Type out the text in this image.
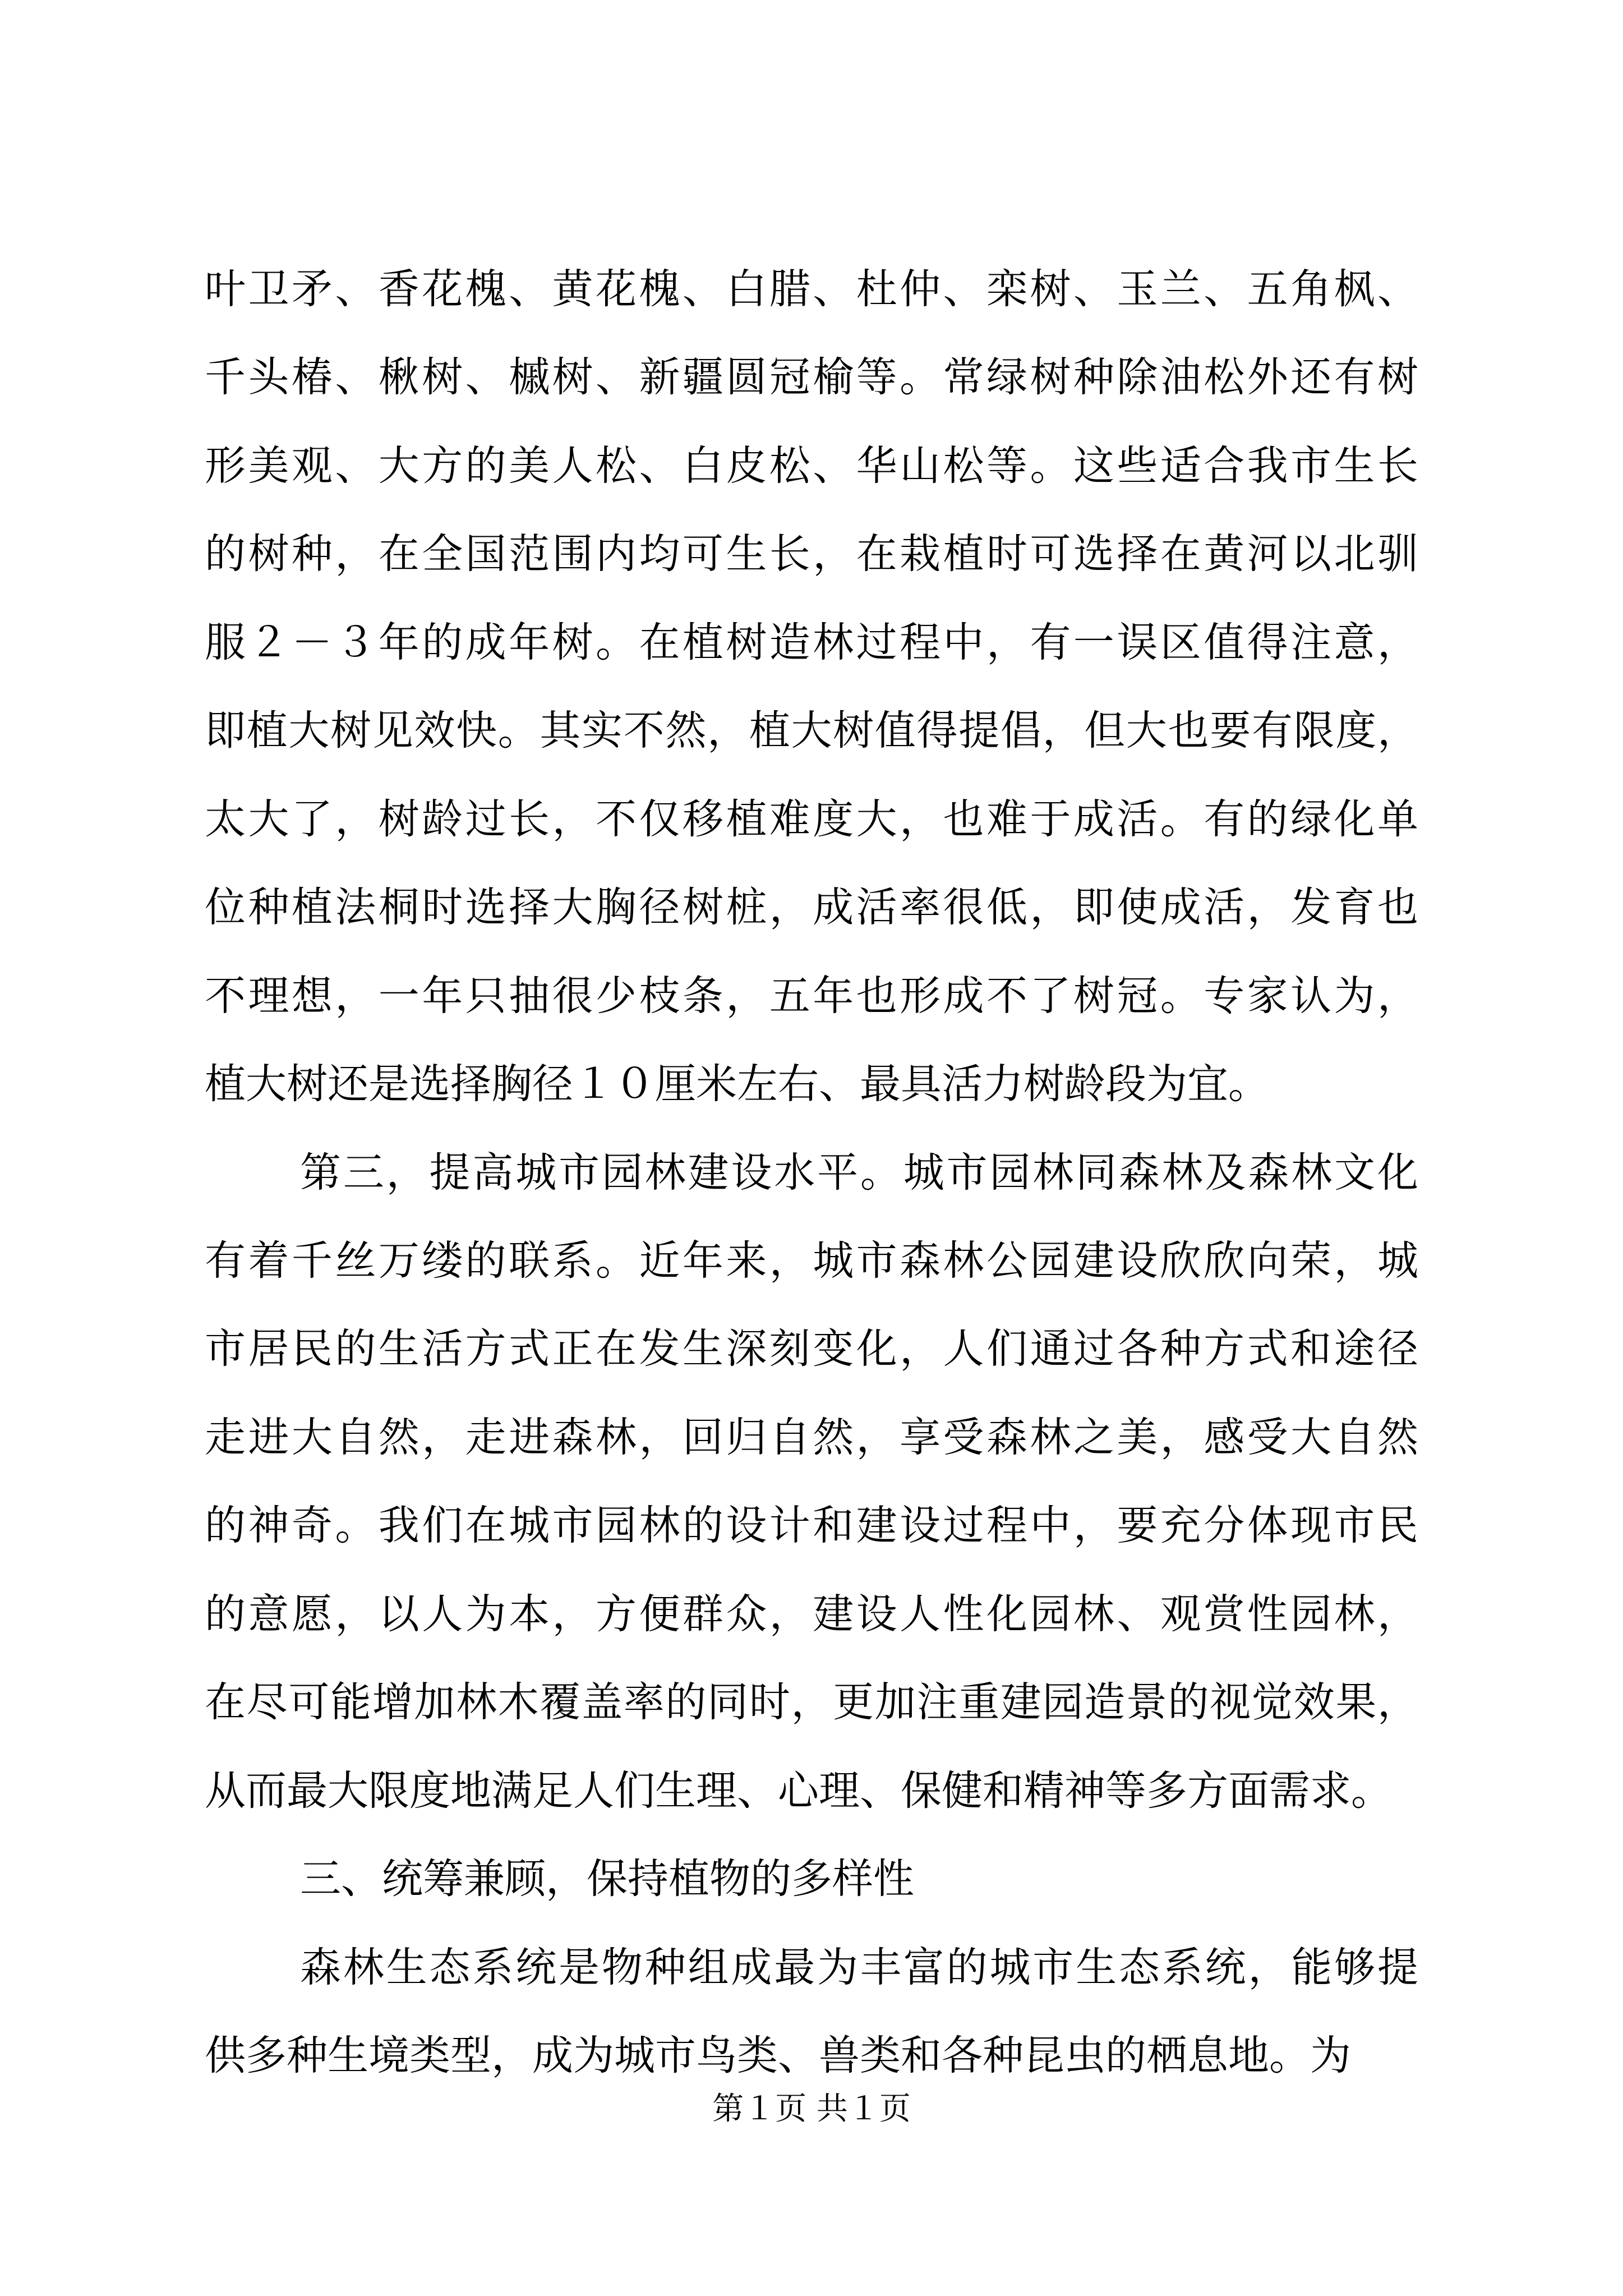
第１页 共１页
叶卫矛、香花槐、黄花槐、白腊、杜仲、栾树、玉兰、五角枫、
千头椿、楸树、槭树、新疆圆冠榆等。常绿树种除油松外还有树
形美观、大方的美人松、白皮松、华山松等。这些适合我市生长
的树种，在全国范围内均可生长，在栽植时可选择在黄河以北驯
服２－３年的成年树。在植树造林过程中，有一误区值得注意，
即植大树见效快。其实不然，植大树值得提倡，但大也要有限度，
太大了，树龄过长，不仅移植难度大，也难于成活。有的绿化单
位种植法桐时选择大胸径树桩，成活率很低，即使成活，发育也
不理想，一年只抽很少枝条，五年也形成不了树冠。专家认为，
植大树还是选择胸径１０厘米左右、最具活力树龄段为宜。
第三，提高城市园林建设水平。城市园林同森林及森林文化
有着千丝万缕的联系。近年来，城市森林公园建设欣欣向荣，城
市居民的生活方式正在发生深刻变化，人们通过各种方式和途径
走进大自然，走进森林，回归自然，享受森林之美，感受大自然
的神奇。我们在城市园林的设计和建设过程中，要充分体现市民
的意愿，以人为本，方便群众，建设人性化园林、观赏性园林，
在尽可能增加林木覆盖率的同时，更加注重建园造景的视觉效果，
从而最大限度地满足人们生理、心理、保健和精神等多方面需求。
三、统筹兼顾，保持植物的多样性
森林生态系统是物种组成最为丰富的城市生态系统，能够提
供多种生境类型，成为城市鸟类、兽类和各种昆虫的栖息地。为
